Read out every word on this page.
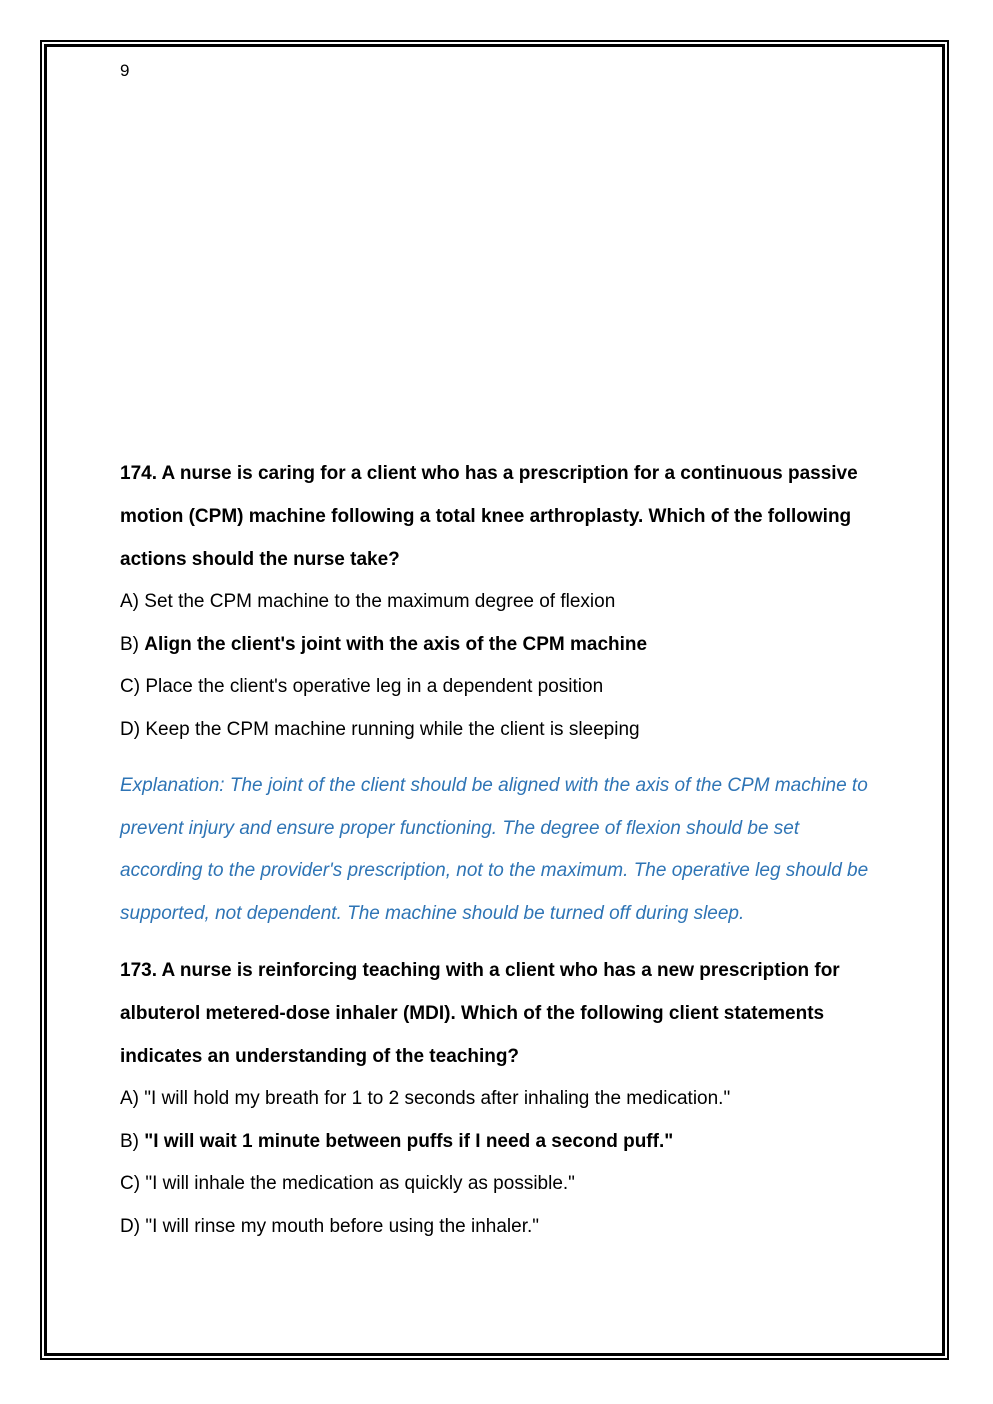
9

174. A nurse is caring for a client who has a prescription for a continuous passive motion (CPM) machine following a total knee arthroplasty. Which of the following actions should the nurse take?

A) Set the CPM machine to the maximum degree of flexion
B) Align the client's joint with the axis of the CPM machine
C) Place the client's operative leg in a dependent position
D) Keep the CPM machine running while the client is sleeping

Explanation: The joint of the client should be aligned with the axis of the CPM machine to prevent injury and ensure proper functioning. The degree of flexion should be set according to the provider's prescription, not to the maximum. The operative leg should be supported, not dependent. The machine should be turned off during sleep.

173. A nurse is reinforcing teaching with a client who has a new prescription for albuterol metered-dose inhaler (MDI). Which of the following client statements indicates an understanding of the teaching?

A) "I will hold my breath for 1 to 2 seconds after inhaling the medication."
B) "I will wait 1 minute between puffs if I need a second puff."
C) "I will inhale the medication as quickly as possible."
D) "I will rinse my mouth before using the inhaler."
